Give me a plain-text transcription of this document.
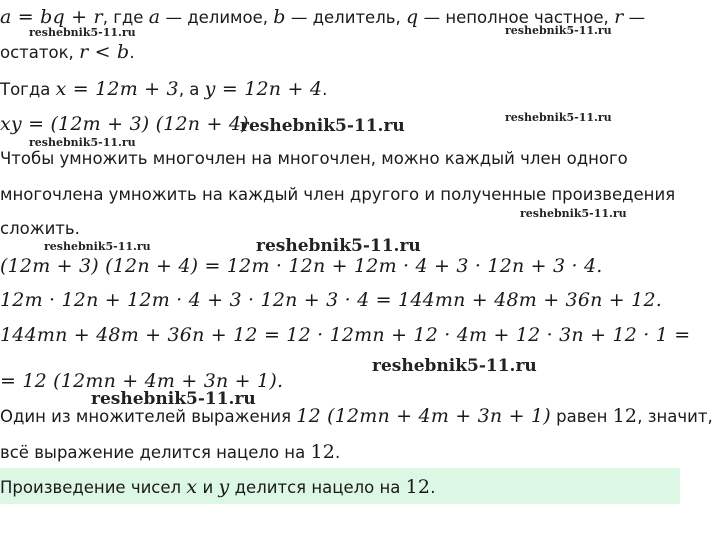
a = bq + r, где a — делимое, b — делитель, q — неполное частное, r —
остаток, r < b.
Тогда x = 12m + 3, а y = 12n + 4.
xy = (12m + 3) (12n + 4)
Чтобы умножить многочлен на многочлен, можно каждый член одного
многочлена умножить на каждый член другого и полученные произведения
сложить.
(12m + 3) (12n + 4) = 12m · 12n + 12m · 4 + 3 · 12n + 3 · 4.
12m · 12n + 12m · 4 + 3 · 12n + 3 · 4 = 144mn + 48m + 36n + 12.
144mn + 48m + 36n + 12 = 12 · 12mn + 12 · 4m + 12 · 3n + 12 · 1 =
= 12 (12mn + 4m + 3n + 1).
Один из множителей выражения 12 (12mn + 4m + 3n + 1) равен 12, значит,
всё выражение делится нацело на 12.
Произведение чисел x и y делится нацело на 12.
reshebnik5-11.ru	reshebnik5-11.ru
reshebnik5-11.ru
reshebnik5-11.ru
reshebnik5-11.ru
reshebnik5-11.ru
reshebnik5-11.ru	reshebnik5-11.ru
reshebnik5-11.ru
reshebnik5-11.ru
